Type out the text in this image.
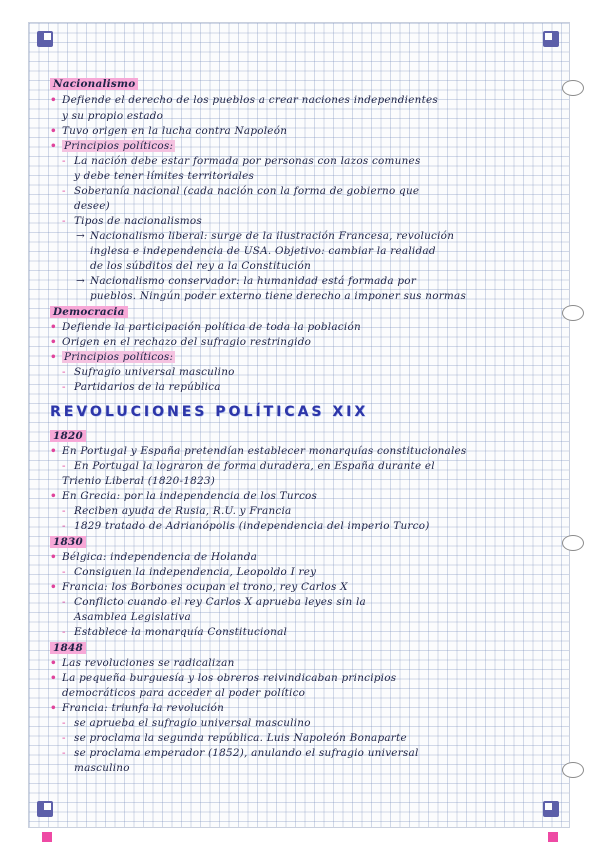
Nacionalismo
• Defiende el derecho de los pueblos a crear naciones independientes
y su propio estado
• Tuvo origen en la lucha contra Napoleón
• Principios políticos:
- La nación debe estar formada por personas con lazos comunes
y debe tener límites territoriales
- Soberanía nacional (cada nación con la forma de gobierno que
desee)
- Tipos de nacionalismos
→ Nacionalismo liberal: surge de la ilustración Francesa, revolución
inglesa e independencia de USA. Objetivo: cambiar la realidad
de los súbditos del rey a la Constitución
→ Nacionalismo conservador: la humanidad está formada por
pueblos. Ningún poder externo tiene derecho a imponer sus normas
Democracia
• Defiende la participación política de toda la población
• Origen en el rechazo del sufragio restringido
• Principios políticos:
- Sufragio universal masculino
- Partidarios de la república
REVOLUCIONES POLÍTICAS XIX
1820
• En Portugal y España pretendían establecer monarquías constitucionales
- En Portugal la lograron de forma duradera, en España durante el
Trienio Liberal (1820-1823)
• En Grecia: por la independencia de los Turcos
- Reciben ayuda de Rusia, R.U. y Francia
- 1829 tratado de Adrianópolis (independencia del imperio Turco)
1830
• Bélgica: independencia de Holanda
- Consiguen la independencia, Leopoldo I rey
• Francia: los Borbones ocupan el trono, rey Carlos X
- Conflicto cuando el rey Carlos X aprueba leyes sin la
Asamblea Legislativa
- Establece la monarquía Constitucional
1848
• Las revoluciones se radicalizan
• La pequeña burguesía y los obreros reivindicaban principios
democráticos para acceder al poder político
• Francia: triunfa la revolución
- se aprueba el sufragio universal masculino
- se proclama la segunda república. Luis Napoleón Bonaparte
- se proclama emperador (1852), anulando el sufragio universal
masculino
